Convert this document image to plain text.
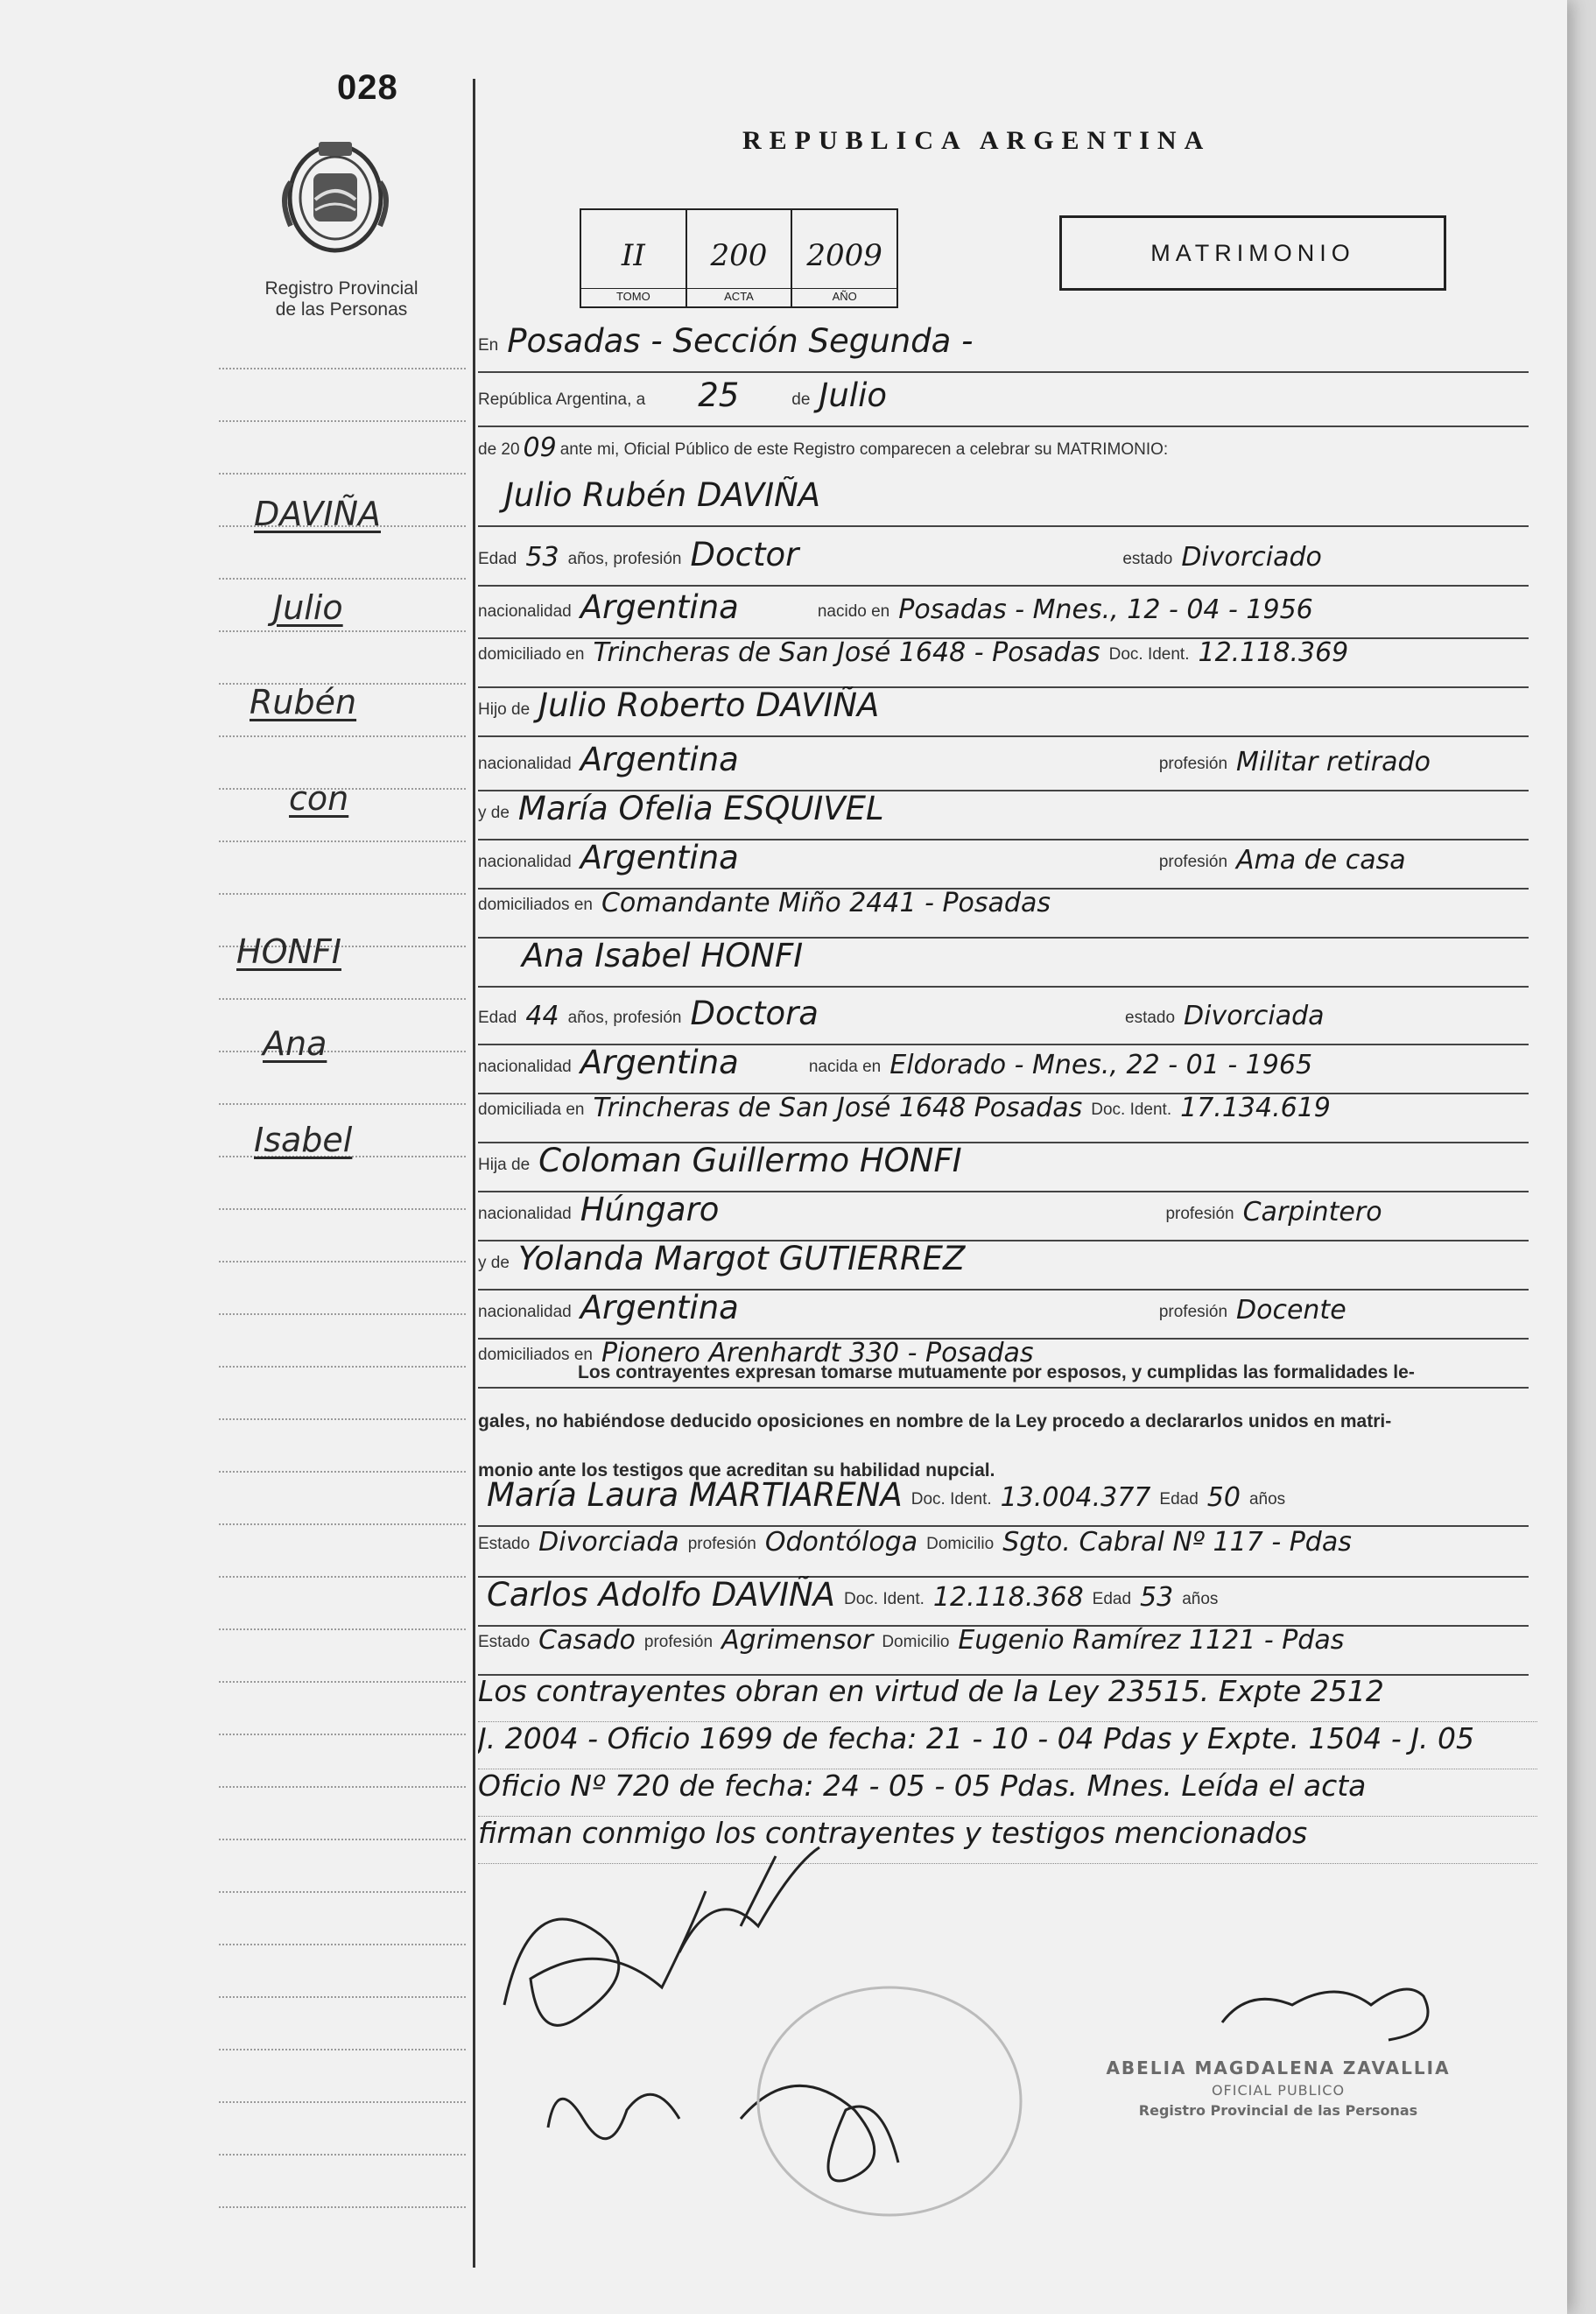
028
Registro Provincial
de las Personas
DAVIÑA
Julio
Rubén
con
HONFI
Ana
Isabel
REPUBLICA ARGENTINA
II
TOMO
200
ACTA
2009
AÑO
MATRIMONIO
En Posadas - Sección Segunda -
República Argentina, a 25	de Julio
de 20 09 ante mi, Oficial Público de este Registro comparecen a celebrar su MATRIMONIO:
Julio Rubén DAVIÑA
Edad 53 años, profesión Doctor	estado Divorciado
nacionalidad Argentina	nacido en Posadas - Mnes., 12 - 04 - 1956
domiciliado en Trincheras de San José 1648 - Posadas Doc. Ident. 12.118.369
Hijo de Julio Roberto DAVIÑA
nacionalidad Argentina	profesión Militar retirado
y de María Ofelia ESQUIVEL
nacionalidad Argentina	profesión Ama de casa
domiciliados en Comandante Miño 2441 - Posadas
Ana Isabel HONFI
Edad 44 años, profesión Doctora	estado Divorciada
nacionalidad Argentina	nacida en Eldorado - Mnes., 22 - 01 - 1965
domiciliada en Trincheras de San José 1648 Posadas Doc. Ident. 17.134.619
Hija de Coloman Guillermo HONFI
nacionalidad Húngaro	profesión Carpintero
y de Yolanda Margot GUTIERREZ
nacionalidad Argentina	profesión Docente
domiciliados en Pionero Arenhardt 330 - Posadas
Los contrayentes expresan tomarse mutuamente por esposos, y cumplidas las formalidades le-
gales, no habiéndose deducido oposiciones en nombre de la Ley procedo a declararlos unidos en matri-
monio ante los testigos que acreditan su habilidad nupcial.
María Laura MARTIARENA Doc. Ident. 13.004.377 Edad 50 años
Estado Divorciada profesión Odontóloga Domicilio Sgto. Cabral Nº 117 - Pdas
Carlos Adolfo DAVIÑA Doc. Ident. 12.118.368 Edad 53 años
Estado Casado profesión Agrimensor Domicilio Eugenio Ramírez 1121 - Pdas
Los contrayentes obran en virtud de la Ley 23515. Expte 2512
J. 2004 - Oficio 1699 de fecha: 21 - 10 - 04 Pdas y Expte. 1504 - J. 05
Oficio Nº 720 de fecha: 24 - 05 - 05 Pdas. Mnes. Leída el acta
firman conmigo los contrayentes y testigos mencionados
ABELIA MAGDALENA ZAVALLIA
OFICIAL PUBLICO
Registro Provincial de las Personas
